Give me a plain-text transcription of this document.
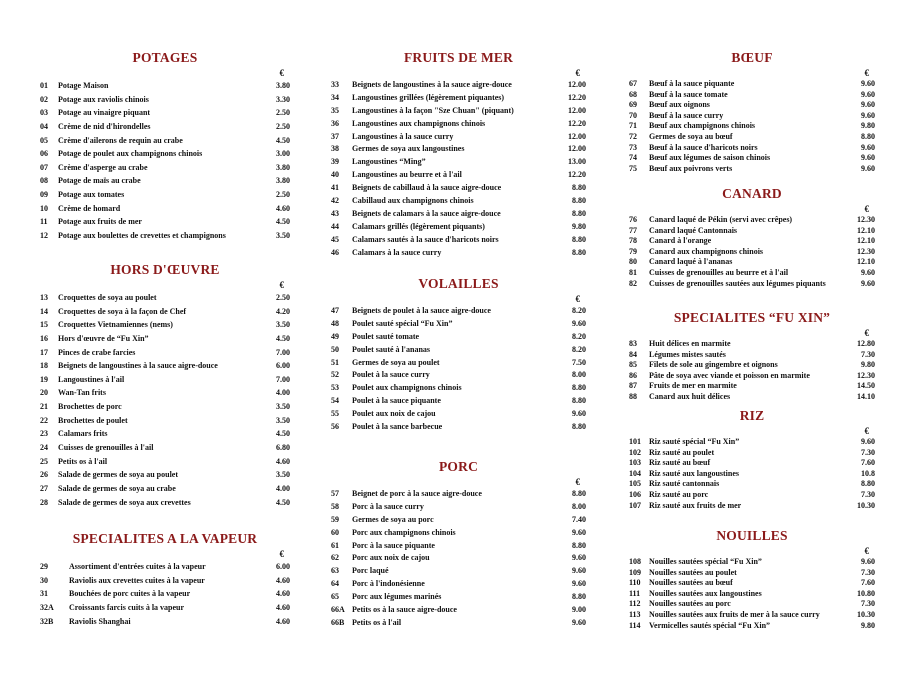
POTAGES
€
01	Potage Maison	3.80
02	Potage aux raviolis chinois	3.30
03	Potage au vinaigre piquant	2.50
04	Crème de nid d'hirondelles	2.50
05	Crème d'ailerons de requin au crabe	4.50
06	Potage de poulet aux champignons chinois	3.00
07	Crème d'asperge au crabe	3.80
08	Potage de maïs au crabe	3.80
09	Potage aux tomates	2.50
10	Crème de homard	4.60
11	Potage aux fruits de mer	4.50
12	Potage aux boulettes de crevettes et champignons	3.50
HORS D'ŒUVRE
€
13	Croquettes de soya au poulet	2.50
14	Croquettes de soya à la façon de Chef	4.20
15	Croquettes Vietnamiennes (nems)	3.50
16	Hors d'œuvre de “Fu Xin”	4.50
17	Pinces de crabe farcies	7.00
18	Beignets de langoustines à la sauce aigre-douce	6.00
19	Langoustines à l'ail	7.00
20	Wan-Tan frits	4.00
21	Brochettes de porc	3.50
22	Brochettes de poulet	3.50
23	Calamars frits	4.50
24	Cuisses de grenouilles à l'ail	6.80
25	Petits os à l'ail	4.60
26	Salade de germes de soya au poulet	3.50
27	Salade de germes de soya au crabe	4.00
28	Salade de germes de soya aux crevettes	4.50
SPECIALITES A LA VAPEUR
€
29	Assortiment d'entrées cuites à la vapeur	6.00
30	Raviolis aux crevettes cuites à la vapeur	4.60
31	Bouchées de porc cuites à la vapeur	4.60
32A	Croissants farcis cuits à la vapeur	4.60
32B	Raviolis Shanghai	4.60
FRUITS DE MER
€
33	Beignets de langoustines à la sauce aigre-douce	12.00
34	Langoustines grillées (légèrement piquantes)	12.20
35	Langoustines à la façon "Sze Chuan" (piquant)	12.00
36	Langoustines aux champignons chinois	12.20
37	Langoustines à la sauce curry	12.00
38	Germes de soya aux langoustines	12.00
39	Langoustines “Ming”	13.00
40	Langoustines au beurre et à l'ail	12.20
41	Beignets de cabillaud à la sauce aigre-douce	8.80
42	Cabillaud aux champignons chinois	8.80
43	Beignets de calamars à la sauce aigre-douce	8.80
44	Calamars grillés (légèrement piquants)	9.80
45	Calamars sautés à la sauce d'haricots noirs	8.80
46	Calamars à la sauce curry	8.80
VOLAILLES
€
47	Beignets de poulet à la sauce aigre-douce	8.20
48	Poulet sauté spécial “Fu Xin”	9.60
49	Poulet sauté tomate	8.20
50	Poulet sauté à l'ananas	8.20
51	Germes de soya au poulet	7.50
52	Poulet à la sauce curry	8.00
53	Poulet aux champignons chinois	8.80
54	Poulet à la sauce piquante	8.80
55	Poulet aux noix de cajou	9.60
56	Poulet à la sance barbecue	8.80
PORC
€
57	Beignet de porc à la sauce aigre-douce	8.80
58	Porc à la sauce curry	8.00
59	Germes de soya au porc	7.40
60	Porc aux champignons chinois	9.60
61	Porc à la sauce piquante	8.80
62	Porc aux noix de cajou	9.60
63	Porc laqué	9.60
64	Porc à l'indonésienne	9.60
65	Porc aux légumes marinés	8.80
66A Petits os à la sauce aigre-douce	9.00
66B Petits os à l'ail	9.60
BŒUF
€
67	Bœuf à la sauce piquante	9.60
68	Bœuf à la sauce tomate	9.60
69	Bœuf aux oignons	9.60
70	Bœuf à la sauce curry	9.60
71	Bœuf aux champignons chinois	9.80
72	Germes de soya au bœuf	8.80
73	Bœuf à la sauce d'haricots noirs	9.60
74	Bœuf aux légumes de saison chinois	9.60
75	Bœuf aux poivrons verts	9.60
CANARD
€
76	Canard laqué de Pékin (servi avec crêpes)	12.30
77	Canard laqué Cantonnais	12.10
78	Canard à l'orange	12.10
79	Canard aux champignons chinois	12.30
80	Canard laqué à l'ananas	12.10
81	Cuisses de grenouilles au beurre et à l'ail	9.60
82	Cuisses de grenouilles sautées aux légumes piquants	9.60
SPECIALITES “FU XIN”
€
83	Huit délices en marmite	12.80
84	Légumes mistes sautés	7.30
85	Filets de sole au gingembre et oignons	9.80
86	Pâte de soya avec viande et poisson en marmite	12.30
87	Fruits de mer en marmite	14.50
88	Canard aux huit délices	14.10
RIZ
€
101	Riz sauté spécial “Fu Xin”	9.60
102	Riz sauté au poulet	7.30
103	Riz sauté au bœuf	7.60
104	Riz sauté aux langoustines	10.8
105	Riz sauté cantonnais	8.80
106	Riz sauté au porc	7.30
107	Riz sauté aux fruits de mer	10.30
NOUILLES
€
108	Nouilles sautées spécial “Fu Xin”	9.60
109	Nouilles sautées au poulet	7.30
110	Nouilles sautées au bœuf	7.60
111	Nouilles sautées aux langoustines	10.80
112	Nouilles sautées au porc	7.30
113	Nouilles sautées aux fruits de mer à la sauce curry	10.30
114	Vermicelles sautés spécial “Fu Xin”	9.80
